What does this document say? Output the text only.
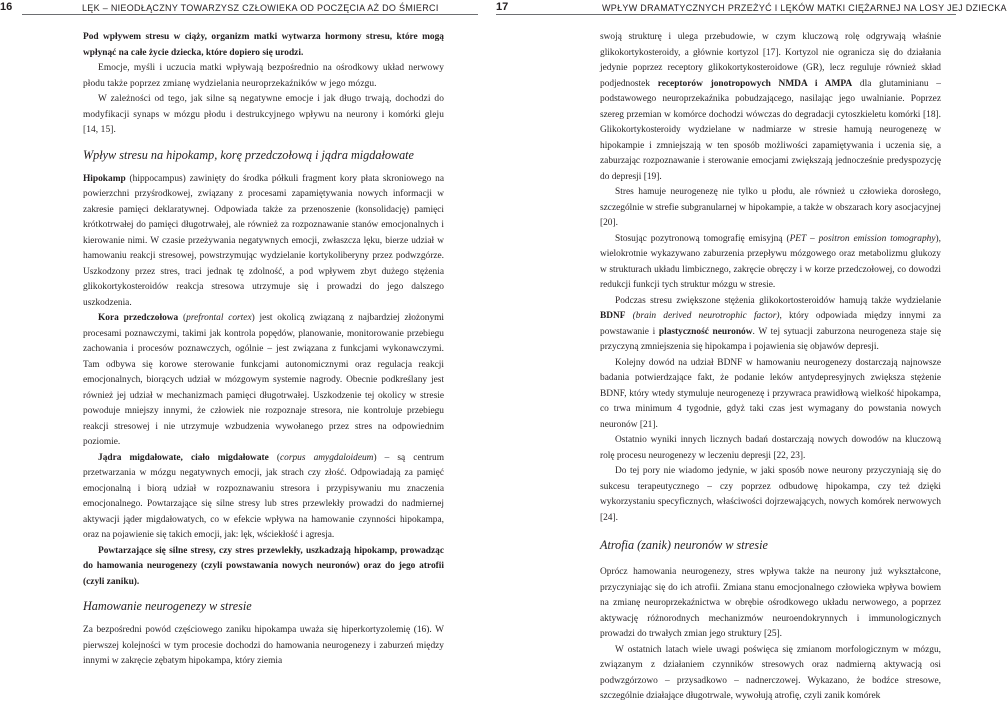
16	LĘK – NIEODŁĄCZNY TOWARZYSZ CZŁOWIEKA OD POCZĘCIA AŻ DO ŚMIERCI

Pod wpływem stresu w ciąży, organizm matki wytwarza hormony stresu, które mogą wpłynąć na całe życie dziecka, które dopiero się urodzi.

Emocje, myśli i uczucia matki wpływają bezpośrednio na ośrodkowy układ nerwowy płodu także poprzez zmianę wydzielania neuroprzekaźników w jego mózgu.

W zależności od tego, jak silne są negatywne emocje i jak długo trwają, dochodzi do modyfikacji synaps w mózgu płodu i destrukcyjnego wpływu na neurony i komórki gleju [14, 15].

Wpływ stresu na hipokamp, korę przedczołową i jądra migdałowate

Hipokamp (hippocampus) zawinięty do środka półkuli fragment kory płata skroniowego na powierzchni przyśrodkowej, związany z procesami zapamiętywania nowych informacji w zakresie pamięci deklaratywnej. Odpowiada także za przenoszenie (konsolidację) pamięci krótkotrwałej do pamięci długotrwałej, ale również za rozpoznawanie stanów emocjonalnych i kierowanie nimi. W czasie przeżywania negatywnych emocji, zwłaszcza lęku, bierze udział w hamowaniu reakcji stresowej, powstrzymując wydzielanie kortykoliberyny przez podwzgórze. Uszkodzony przez stres, traci jednak tę zdolność, a pod wpływem zbyt dużego stężenia glikokortykosteroidów reakcja stresowa utrzymuje się i prowadzi do jego dalszego uszkodzenia.

Kora przedczołowa (prefrontal cortex) jest okolicą związaną z najbardziej złożonymi procesami poznawczymi, takimi jak kontrola popędów, planowanie, monitorowanie przebiegu zachowania i procesów poznawczych, ogólnie – jest związana z funkcjami wykonawczymi. Tam odbywa się korowe sterowanie funkcjami autonomicznymi oraz regulacja reakcji emocjonalnych, biorących udział w mózgowym systemie nagrody. Obecnie podkreślany jest również jej udział w mechanizmach pamięci długotrwałej. Uszkodzenie tej okolicy w stresie powoduje mniejszy innymi, że człowiek nie rozpoznaje stresora, nie kontroluje przebiegu reakcji stresowej i nie utrzymuje wzbudzenia wywołanego przez stres na odpowiednim poziomie.

Jądra migdałowate, ciało migdałowate (corpus amygdaloideum) – są centrum przetwarzania w mózgu negatywnych emocji, jak strach czy złość. Odpowiadają za pamięć emocjonalną i biorą udział w rozpoznawaniu stresora i przypisywaniu mu znaczenia emocjonalnego. Powtarzające się silne stresy lub stres przewlekły prowadzi do nadmiernej aktywacji jąder migdałowatych, co w efekcie wpływa na hamowanie czynności hipokampa, oraz na pojawienie się takich emocji, jak: lęk, wściekłość i agresja.

Powtarzające się silne stresy, czy stres przewlekły, uszkadzają hipokamp, prowadząc do hamowania neurogenezy (czyli powstawania nowych neuronów) oraz do jego atrofii (czyli zaniku).

Hamowanie neurogenezy w stresie

Za bezpośredni powód częściowego zaniku hipokampa uważa się hiperkortyzolemię (16). W pierwszej kolejności w tym procesie dochodzi do hamowania neurogenezy i zaburzeń między innymi w zakręcie zębatym hipokampa, który ziemia

17	WPŁYW DRAMATYCZNYCH PRZEŻYĆ I LĘKÓW MATKI CIĘŻARNEJ NA LOSY JEJ DZIECKA

swoją strukturę i ulega przebudowie, w czym kluczową rolę odgrywają właśnie glikokortykosteroidy, a głównie kortyzol [17]. Kortyzol nie ogranicza się do działania jedynie poprzez receptory glikokortykosteroidowe (GR), lecz reguluje również skład podjednostek receptorów jonotropowych NMDA i AMPA dla glutaminianu – podstawowego neuroprzekaźnika pobudzającego, nasilając jego uwalnianie. Poprzez szereg przemian w komórce dochodzi wówczas do degradacji cytoszkieletu komórki [18]. Glikokortykosteroidy wydzielane w nadmiarze w stresie hamują neurogenezę w hipokampie i zmniejszają w ten sposób możliwości zapamiętywania i uczenia się, a zaburzając rozpoznawanie i sterowanie emocjami zwiększają jednocześnie predyspozycję do depresji [19].

Stres hamuje neurogenezę nie tylko u płodu, ale również u człowieka dorosłego, szczególnie w strefie subgranularnej w hipokampie, a także w obszarach kory asocjacyjnej [20].

Stosując pozytronową tomografię emisyjną (PET – positron emission tomography), wielokrotnie wykazywano zaburzenia przepływu mózgowego oraz metabolizmu glukozy w strukturach układu limbicznego, zakręcie obręczy i w korze przedczołowej, co dowodzi redukcji funkcji tych struktur mózgu w stresie.

Podczas stresu zwiększone stężenia glikokortosteroidów hamują także wydzielanie BDNF (brain derived neurotrophic factor), który odpowiada między innymi za powstawanie i plastyczność neuronów. W tej sytuacji zaburzona neurogeneza staje się przyczyną zmniejszenia się hipokampa i pojawienia się objawów depresji.

Kolejny dowód na udział BDNF w hamowaniu neurogenezy dostarczają najnowsze badania potwierdzające fakt, że podanie leków antydepresyjnych zwiększa stężenie BDNF, który wtedy stymuluje neurogenezę i przywraca prawidłową wielkość hipokampa, co trwa minimum 4 tygodnie, gdyż taki czas jest wymagany do powstania nowych neuronów [21].

Ostatnio wyniki innych licznych badań dostarczają nowych dowodów na kluczową rolę procesu neurogenezy w leczeniu depresji [22, 23].

Do tej pory nie wiadomo jedynie, w jaki sposób nowe neurony przyczyniają się do sukcesu terapeutycznego – czy poprzez odbudowę hipokampa, czy też dzięki wykorzystaniu specyficznych, właściwości dojrzewających, nowych komórek nerwowych [24].

Atrofia (zanik) neuronów w stresie

Oprócz hamowania neurogenezy, stres wpływa także na neurony już wykształcone, przyczyniając się do ich atrofii. Zmiana stanu emocjonalnego człowieka wpływa bowiem na zmianę neuroprzekaźnictwa w obrębie ośrodkowego układu nerwowego, a poprzez aktywację różnorodnych mechanizmów neuroendokrynnych i immunologicznych prowadzi do trwałych zmian jego struktury [25].

W ostatnich latach wiele uwagi poświęca się zmianom morfologicznym w mózgu, związanym z działaniem czynników stresowych oraz nadmierną aktywacją osi podwzgórzowo – przysadkowo – nadnerczowej. Wykazano, że bodźce stresowe, szczególnie działające długotrwale, wywołują atrofię, czyli zanik komórek
